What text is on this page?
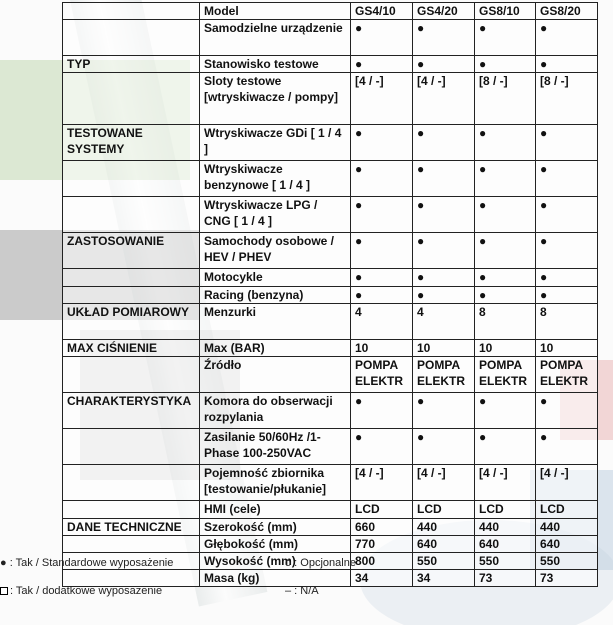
	Model	GS4/10	GS4/20	GS8/10	GS8/20
	Samodzielne urządzenie	●	●	●	●
TYP	Stanowisko testowe	●	●	●	●
	Sloty testowe [wtryskiwacze / pompy]	[4 / -]	[4 / -]	[8 / -]	[8 / -]
TESTOWANE SYSTEMY	Wtryskiwacze GDi [ 1 / 4 ]	●	●	●	●
	Wtryskiwacze benzynowe [ 1 / 4 ]	●	●	●	●
	Wtryskiwacze LPG / CNG [ 1 / 4 ]	●	●	●	●
ZASTOSOWANIE	Samochody osobowe / HEV / PHEV	●	●	●	●
	Motocykle	●	●	●	●
	Racing (benzyna)	●	●	●	●
UKŁAD POMIAROWY	Menzurki	4	4	8	8
MAX CIŚNIENIE	Max (BAR)	10	10	10	10
	Źródło	POMPA ELEKTR	POMPA ELEKTR	POMPA ELEKTR	POMPA ELEKTR
CHARAKTERYSTYKA	Komora do obserwacji rozpylania	●	●	●	●
	Zasilanie 50/60Hz /1-Phase 100-250VAC	●	●	●	●
	Pojemność zbiornika [testowanie/płukanie]	[4 / -]	[4 / -]	[4 / -]	[4 / -]
	HMI (cele)	LCD	LCD	LCD	LCD
DANE TECHNICZNE	Szerokość (mm)	660	440	440	440
	Głębokość (mm)	770	640	640	640
	Wysokość (mm)	800	550	550	550
	Masa (kg)	34	34	73	73
● : Tak / Standardowe wyposażenie	o : Opcjonalne
: Tak / dodatkowe wyposażenie	– : N/A
